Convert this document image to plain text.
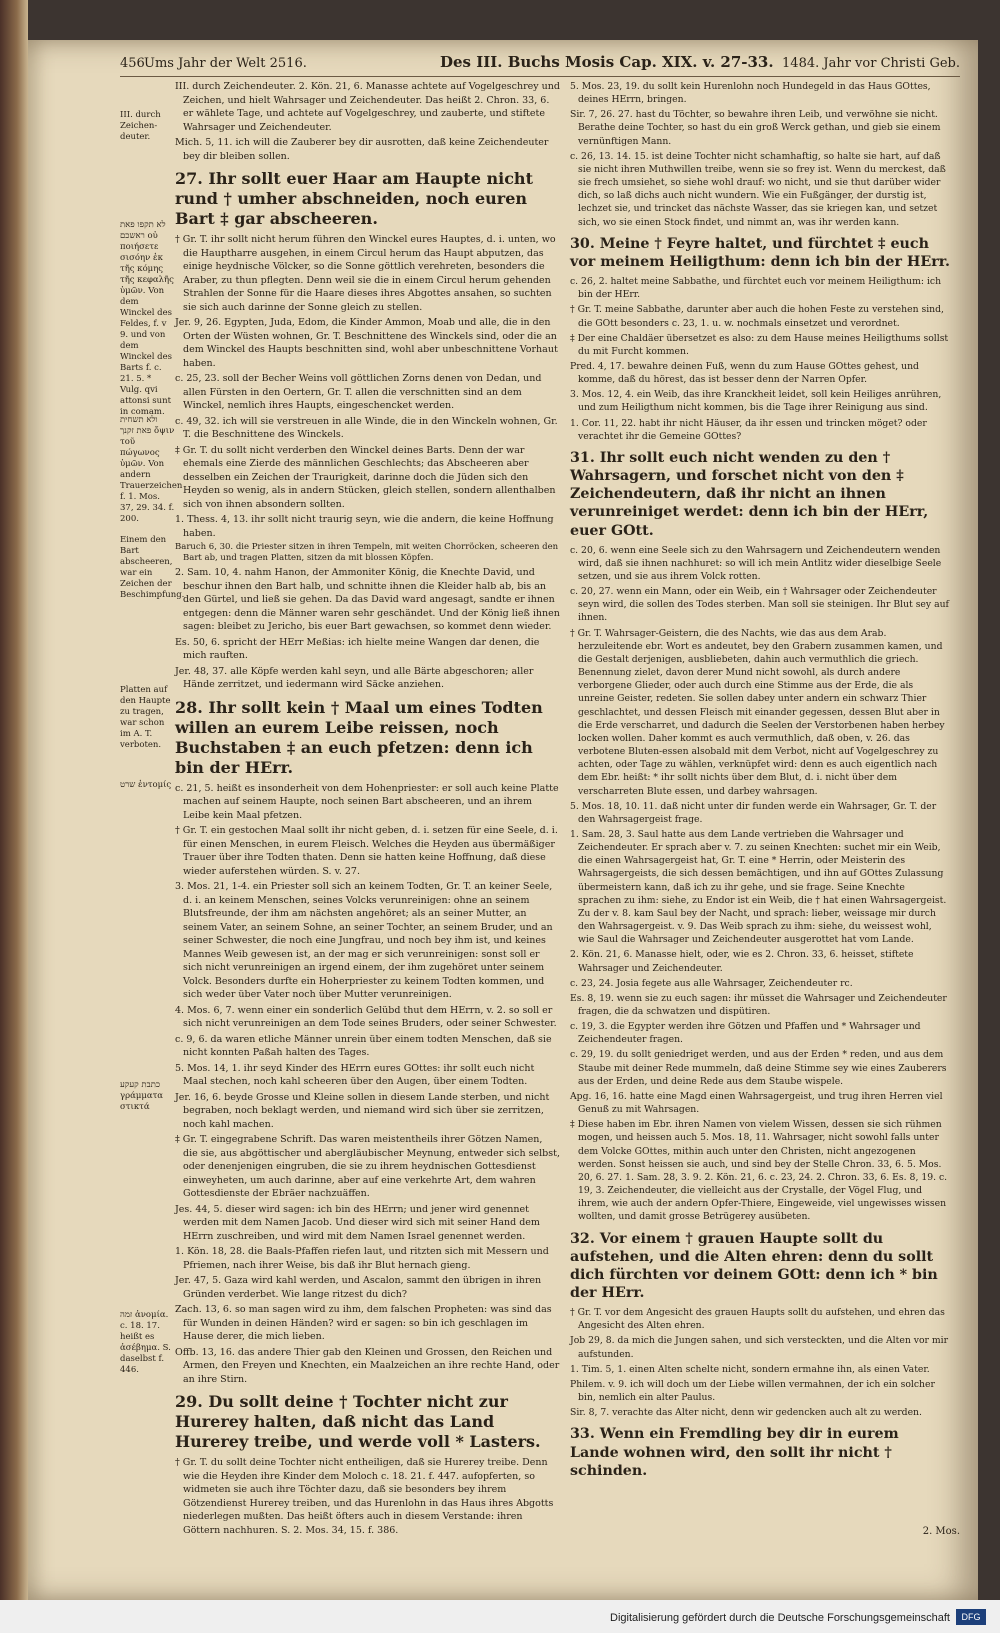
456 Ums Jahr der Welt 2516.	Des III. Buchs Mosis Cap. XIX. v. 27-33. 1484. Jahr vor Christi Geb.
III. durch Zeichen-deuter.
לא תקפו פאת ראשכם οὐ ποιήσετε σισόην ἐκ τῆς κόμης τῆς κεφαλῆς ὑμῶν. Von dem Winckel des Feldes, f. v 9. und von dem Winckel des Barts f. c. 21. 5. * Vulg. qvi attonsi sunt in comam.
ולא תשחית פאת זקנך ὄψιν τοῦ πώγωνος ὑμῶν. Von andern Trauerzeichen f. 1. Mos. 37, 29. 34. f. 200.
Einem den Bart abscheeren, war ein Zeichen der Beschimpfung.
Platten auf den Haupte zu tragen, war schon im A. T. verboten.
שרט ἐντομίς
כתבת קעקע γράμματα στικτά
זמה ἀνομία. c. 18. 17. heißt es ἀσέβημα. S. daselbst f. 446.

III. durch Zeichendeuter. 2. Kön. 21, 6. Manasse achtete auf Vogelgeschrey und Zeichen, und hielt Wahrsager und Zeichendeuter. Das heißt 2. Chron. 33, 6. er wählete Tage, und achtete auf Vogelgeschrey, und zauberte, und stiftete Wahrsager und Zeichendeuter.

Mich. 5, 11. ich will die Zauberer bey dir ausrotten, daß keine Zeichendeuter bey dir bleiben sollen.

27. Ihr sollt euer Haar am Haupte nicht rund † umher abschneiden, noch euren Bart ‡ gar abscheeren.

† Gr. T. ihr sollt nicht herum führen den Winckel eures Hauptes, d. i. unten, wo die Hauptharre ausgehen, in einem Circul herum das Haupt abputzen, das einige heydnische Völcker, so die Sonne göttlich verehreten, besonders die Araber, zu thun pflegten. Denn weil sie die in einem Circul herum gehenden Strahlen der Sonne für die Haare dieses ihres Abgottes ansahen, so suchten sie sich auch darinne der Sonne gleich zu stellen.

Jer. 9, 26. Egypten, Juda, Edom, die Kinder Ammon, Moab und alle, die in den Orten der Wüsten wohnen, Gr. T. Beschnittene des Winckels sind, oder die an dem Winckel des Haupts beschnitten sind, wohl aber unbeschnittene Vorhaut haben.

c. 25, 23. soll der Becher Weins voll göttlichen Zorns denen von Dedan, und allen Fürsten in den Oertern, Gr. T. allen die verschnitten sind an dem Winckel, nemlich ihres Haupts, eingeschencket werden.

c. 49, 32. ich will sie verstreuen in alle Winde, die in den Winckeln wohnen, Gr. T. die Beschnittene des Winckels.

‡ Gr. T. du sollt nicht verderben den Winckel deines Barts. Denn der war ehemals eine Zierde des männlichen Geschlechts; das Abscheeren aber desselben ein Zeichen der Traurigkeit, darinne doch die Jüden sich den Heyden so wenig, als in andern Stücken, gleich stellen, sondern allenthalben sich von ihnen absondern sollten.

1. Thess. 4, 13. ihr sollt nicht traurig seyn, wie die andern, die keine Hoffnung haben.

Baruch 6, 30. die Priester sitzen in ihren Tempeln, mit weiten Chorröcken, scheeren den Bart ab, und tragen Platten, sitzen da mit blossen Köpfen.

2. Sam. 10, 4. nahm Hanon, der Ammoniter König, die Knechte David, und beschur ihnen den Bart halb, und schnitte ihnen die Kleider halb ab, bis an den Gürtel, und ließ sie gehen. Da das David ward angesagt, sandte er ihnen entgegen: denn die Männer waren sehr geschändet. Und der König ließ ihnen sagen: bleibet zu Jericho, bis euer Bart gewachsen, so kommet denn wieder.

Es. 50, 6. spricht der HErr Meßias: ich hielte meine Wangen dar denen, die mich rauften.

Jer. 48, 37. alle Köpfe werden kahl seyn, und alle Bärte abgeschoren; aller Hände zerritzet, und iedermann wird Säcke anziehen.

28. Ihr sollt kein † Maal um eines Todten willen an eurem Leibe reissen, noch Buchstaben ‡ an euch pfetzen: denn ich bin der HErr.

c. 21, 5. heißt es insonderheit von dem Hohenpriester: er soll auch keine Platte machen auf seinem Haupte, noch seinen Bart abscheeren, und an ihrem Leibe kein Maal pfetzen.

† Gr. T. ein gestochen Maal sollt ihr nicht geben, d. i. setzen für eine Seele, d. i. für einen Menschen, in eurem Fleisch. Welches die Heyden aus übermäßiger Trauer über ihre Todten thaten. Denn sie hatten keine Hoffnung, daß diese wieder auferstehen würden. S. v. 27.

3. Mos. 21, 1-4. ein Priester soll sich an keinem Todten, Gr. T. an keiner Seele, d. i. an keinem Menschen, seines Volcks verunreinigen: ohne an seinem Blutsfreunde, der ihm am nächsten angehöret; als an seiner Mutter, an seinem Vater, an seinem Sohne, an seiner Tochter, an seinem Bruder, und an seiner Schwester, die noch eine Jungfrau, und noch bey ihm ist, und keines Mannes Weib gewesen ist, an der mag er sich verunreinigen: sonst soll er sich nicht verunreinigen an irgend einem, der ihm zugehöret unter seinem Volck. Besonders durfte ein Hoherpriester zu keinem Todten kommen, und sich weder über Vater noch über Mutter verunreinigen.

4. Mos. 6, 7. wenn einer ein sonderlich Gelübd thut dem HErrn, v. 2. so soll er sich nicht verunreinigen an dem Tode seines Bruders, oder seiner Schwester.

c. 9, 6. da waren etliche Männer unrein über einem todten Menschen, daß sie nicht konnten Paßah halten des Tages.

5. Mos. 14, 1. ihr seyd Kinder des HErrn eures GOttes: ihr sollt euch nicht Maal stechen, noch kahl scheeren über den Augen, über einem Todten.

Jer. 16, 6. beyde Grosse und Kleine sollen in diesem Lande sterben, und nicht begraben, noch beklagt werden, und niemand wird sich über sie zerritzen, noch kahl machen.

‡ Gr. T. eingegrabene Schrift. Das waren meistentheils ihrer Götzen Namen, die sie, aus abgöttischer und abergläubischer Meynung, entweder sich selbst, oder denenjenigen eingruben, die sie zu ihrem heydnischen Gottesdienst einweyheten, um auch darinne, aber auf eine verkehrte Art, dem wahren Gottesdienste der Ebräer nachzuäffen.

Jes. 44, 5. dieser wird sagen: ich bin des HErrn; und jener wird genennet werden mit dem Namen Jacob. Und dieser wird sich mit seiner Hand dem HErrn zuschreiben, und wird mit dem Namen Israel genennet werden.

1. Kön. 18, 28. die Baals-Pfaffen riefen laut, und ritzten sich mit Messern und Pfriemen, nach ihrer Weise, bis daß ihr Blut hernach gieng.

Jer. 47, 5. Gaza wird kahl werden, und Ascalon, sammt den übrigen in ihren Gründen verderbet. Wie lange ritzest du dich?

Zach. 13, 6. so man sagen wird zu ihm, dem falschen Propheten: was sind das für Wunden in deinen Händen? wird er sagen: so bin ich geschlagen im Hause derer, die mich lieben.

Offb. 13, 16. das andere Thier gab den Kleinen und Grossen, den Reichen und Armen, den Freyen und Knechten, ein Maalzeichen an ihre rechte Hand, oder an ihre Stirn.

29. Du sollt deine † Tochter nicht zur Hurerey halten, daß nicht das Land Hurerey treibe, und werde voll * Lasters.

† Gr. T. du sollt deine Tochter nicht entheiligen, daß sie Hurerey treibe. Denn wie die Heyden ihre Kinder dem Moloch c. 18. 21. f. 447. aufopferten, so widmeten sie auch ihre Töchter dazu, daß sie besonders bey ihrem Götzendienst Hurerey treiben, und das Hurenlohn in das Haus ihres Abgotts niederlegen mußten. Das heißt öfters auch in diesem Verstande: ihren Göttern nachhuren. S. 2. Mos. 34, 15. f. 386.

5. Mos. 23, 19. du sollt kein Hurenlohn noch Hundegeld in das Haus GOttes, deines HErrn, bringen.

Sir. 7, 26. 27. hast du Töchter, so bewahre ihren Leib, und verwöhne sie nicht. Berathe deine Tochter, so hast du ein groß Werck gethan, und gieb sie einem vernünftigen Mann.

c. 26, 13. 14. 15. ist deine Tochter nicht schamhaftig, so halte sie hart, auf daß sie nicht ihren Muthwillen treibe, wenn sie so frey ist. Wenn du merckest, daß sie frech umsiehet, so siehe wohl drauf: wo nicht, und sie thut darüber wider dich, so laß dichs auch nicht wundern. Wie ein Fußgänger, der durstig ist, lechzet sie, und trincket das nächste Wasser, das sie kriegen kan, und setzet sich, wo sie einen Stock findet, und nimmt an, was ihr werden kann.

30. Meine † Feyre haltet, und fürchtet ‡ euch vor meinem Heiligthum: denn ich bin der HErr.

c. 26, 2. haltet meine Sabbathe, und fürchtet euch vor meinem Heiligthum: ich bin der HErr.

† Gr. T. meine Sabbathe, darunter aber auch die hohen Feste zu verstehen sind, die GOtt besonders c. 23, 1. u. w. nochmals einsetzet und verordnet.

‡ Der eine Chaldäer übersetzet es also: zu dem Hause meines Heiligthums sollst du mit Furcht kommen.

Pred. 4, 17. bewahre deinen Fuß, wenn du zum Hause GOttes gehest, und komme, daß du hörest, das ist besser denn der Narren Opfer.

3. Mos. 12, 4. ein Weib, das ihre Kranckheit leidet, soll kein Heiliges anrühren, und zum Heiligthum nicht kommen, bis die Tage ihrer Reinigung aus sind.

1. Cor. 11, 22. habt ihr nicht Häuser, da ihr essen und trincken möget? oder verachtet ihr die Gemeine GOttes?

31. Ihr sollt euch nicht wenden zu den † Wahrsagern, und forschet nicht von den ‡ Zeichendeutern, daß ihr nicht an ihnen verunreiniget werdet: denn ich bin der HErr, euer GOtt.

c. 20, 6. wenn eine Seele sich zu den Wahrsagern und Zeichendeutern wenden wird, daß sie ihnen nachhuret: so will ich mein Antlitz wider dieselbige Seele setzen, und sie aus ihrem Volck rotten.

c. 20, 27. wenn ein Mann, oder ein Weib, ein † Wahrsager oder Zeichendeuter seyn wird, die sollen des Todes sterben. Man soll sie steinigen. Ihr Blut sey auf ihnen.

† Gr. T. Wahrsager-Geistern, die des Nachts, wie das aus dem Arab. herzuleitende ebr. Wort es andeutet, bey den Grabern zusammen kamen, und die Gestalt derjenigen, ausbliebeten, dahin auch vermuthlich die griech. Benennung zielet, davon derer Mund nicht sowohl, als durch andere verborgene Glieder, oder auch durch eine Stimme aus der Erde, die als unreine Geister, redeten. Sie sollen dabey unter andern ein schwarz Thier geschlachtet, und dessen Fleisch mit einander gegessen, dessen Blut aber in die Erde verscharret, und dadurch die Seelen der Verstorbenen haben herbey locken wollen. Daher kommt es auch vermuthlich, daß oben, v. 26. das verbotene Bluten-essen alsobald mit dem Verbot, nicht auf Vogelgeschrey zu achten, oder Tage zu wählen, verknüpfet wird: denn es auch eigentlich nach dem Ebr. heißt: * ihr sollt nichts über dem Blut, d. i. nicht über dem verscharreten Blute essen, und darbey wahrsagen.

5. Mos. 18, 10. 11. daß nicht unter dir funden werde ein Wahrsager, Gr. T. der den Wahrsagergeist frage.

1. Sam. 28, 3. Saul hatte aus dem Lande vertrieben die Wahrsager und Zeichendeuter. Er sprach aber v. 7. zu seinen Knechten: suchet mir ein Weib, die einen Wahrsagergeist hat, Gr. T. eine * Herrin, oder Meisterin des Wahrsagergeists, die sich dessen bemächtigen, und ihn auf GOttes Zulassung übermeistern kann, daß ich zu ihr gehe, und sie frage. Seine Knechte sprachen zu ihm: siehe, zu Endor ist ein Weib, die † hat einen Wahrsagergeist. Zu der v. 8. kam Saul bey der Nacht, und sprach: lieber, weissage mir durch den Wahrsagergeist. v. 9. Das Weib sprach zu ihm: siehe, du weissest wohl, wie Saul die Wahrsager und Zeichendeuter ausgerottet hat vom Lande.

2. Kön. 21, 6. Manasse hielt, oder, wie es 2. Chron. 33, 6. heisset, stiftete Wahrsager und Zeichendeuter.

c. 23, 24. Josia fegete aus alle Wahrsager, Zeichendeuter rc.

Es. 8, 19. wenn sie zu euch sagen: ihr müsset die Wahrsager und Zeichendeuter fragen, die da schwatzen und dispütiren.

c. 19, 3. die Egypter werden ihre Götzen und Pfaffen und * Wahrsager und Zeichendeuter fragen.

c. 29, 19. du sollt geniedriget werden, und aus der Erden * reden, und aus dem Staube mit deiner Rede mummeln, daß deine Stimme sey wie eines Zauberers aus der Erden, und deine Rede aus dem Staube wispele.

Apg. 16, 16. hatte eine Magd einen Wahrsagergeist, und trug ihren Herren viel Genuß zu mit Wahrsagen.

‡ Diese haben im Ebr. ihren Namen von vielem Wissen, dessen sie sich rühmen mogen, und heissen auch 5. Mos. 18, 11. Wahrsager, nicht sowohl falls unter dem Volcke GOttes, mithin auch unter den Christen, nicht angezogenen werden. Sonst heissen sie auch, und sind bey der Stelle Chron. 33, 6. 5. Mos. 20, 6. 27. 1. Sam. 28, 3. 9. 2. Kön. 21, 6. c. 23, 24. 2. Chron. 33, 6. Es. 8, 19. c. 19, 3. Zeichendeuter, die vielleicht aus der Crystalle, der Vögel Flug, und ihrem, wie auch der andern Opfer-Thiere, Eingeweide, viel ungewisses wissen wollten, und damit grosse Betrügerey ausübeten.

32. Vor einem † grauen Haupte sollt du aufstehen, und die Alten ehren: denn du sollt dich fürchten vor deinem GOtt: denn ich * bin der HErr.

† Gr. T. vor dem Angesicht des grauen Haupts sollt du aufstehen, und ehren das Angesicht des Alten ehren.

Job 29, 8. da mich die Jungen sahen, und sich versteckten, und die Alten vor mir aufstunden.

1. Tim. 5, 1. einen Alten schelte nicht, sondern ermahne ihn, als einen Vater.

Philem. v. 9. ich will doch um der Liebe willen vermahnen, der ich ein solcher bin, nemlich ein alter Paulus.

Sir. 8, 7. verachte das Alter nicht, denn wir gedencken auch alt zu werden.

33. Wenn ein Fremdling bey dir in eurem Lande wohnen wird, den sollt ihr nicht † schinden.

2. Mos.
Digitalisierung gefördert durch die Deutsche Forschungsgemeinschaft	DFG
